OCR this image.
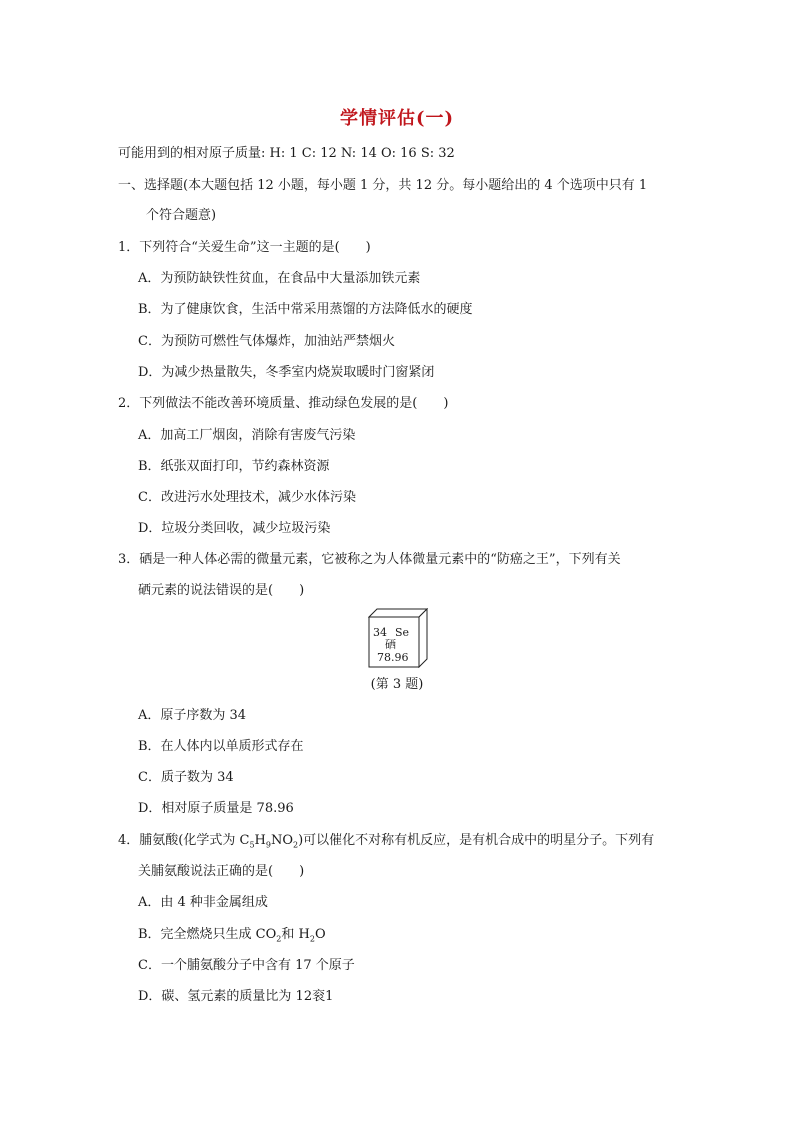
学情评估(一)
可能用到的相对原子质量: H: 1 C: 12 N: 14 O: 16 S: 32
一、选择题(本大题包括 12 小题，每小题 1 分，共 12 分。每小题给出的 4 个选项中只有 1
个符合题意)
1．下列符合“关爱生命”这一主题的是(　　)
A．为预防缺铁性贫血，在食品中大量添加铁元素
B．为了健康饮食，生活中常采用蒸馏的方法降低水的硬度
C．为预防可燃性气体爆炸，加油站严禁烟火
D．为减少热量散失，冬季室内烧炭取暖时门窗紧闭
2．下列做法不能改善环境质量、推动绿色发展的是(　　)
A．加高工厂烟囱，消除有害废气污染
B．纸张双面打印，节约森林资源
C．改进污水处理技术，减少水体污染
D．垃圾分类回收，减少垃圾污染
3．硒是一种人体必需的微量元素，它被称之为人体微量元素中的“防癌之王”，下列有关
硒元素的说法错误的是(　　)
34 Se
硒
78.96
(第 3 题)
A．原子序数为 34
B．在人体内以单质形式存在
C．质子数为 34
D．相对原子质量是 78.96
4．脯氨酸(化学式为 $C_5H_9NO_2$)可以催化不对称有机反应，是有机合成中的明星分子。下列有
关脯氨酸说法正确的是(　　)
A．由 4 种非金属组成
B．完全燃烧只生成 $CO_2$和 $H_2O$
C．一个脯氨酸分子中含有 17 个原子
D．碳、氢元素的质量比为 12衮1
